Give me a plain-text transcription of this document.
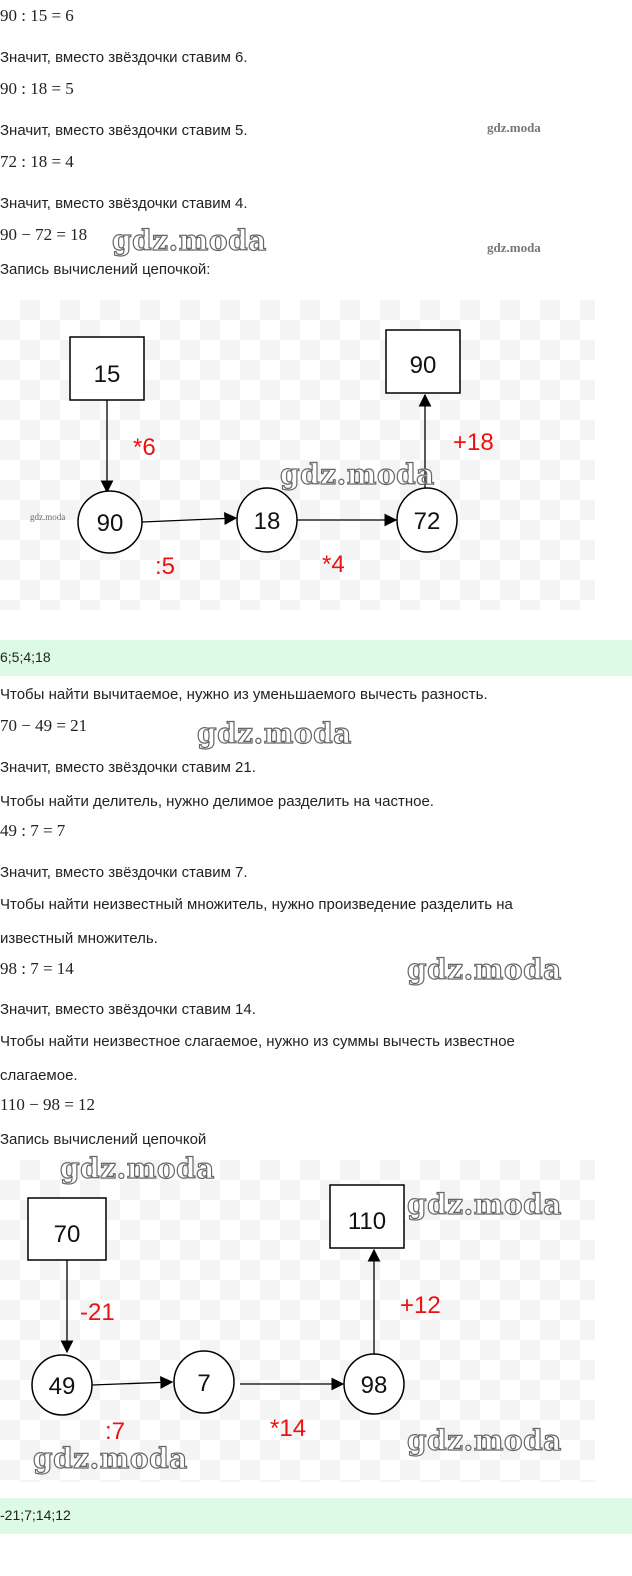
90 : 15 = 6
Значит, вместо звёздочки ставим 6.
90 : 18 = 5
Значит, вместо звёздочки ставим 5.
72 : 18 = 4
Значит, вместо звёздочки ставим 4.
90 − 72 = 18
Запись вычислений цепочкой:
15	90
90	18	72
*6
:5	*4
+18
6;5;4;18
Чтобы найти вычитаемое, нужно из уменьшаемого вычесть разность.
70 − 49 = 21
Значит, вместо звёздочки ставим 21.
Чтобы найти делитель, нужно делимое разделить на частное.
49 : 7 = 7
Значит, вместо звёздочки ставим 7.
Чтобы найти неизвестный множитель, нужно произведение разделить на
известный множитель.
98 : 7 = 14
Значит, вместо звёздочки ставим 14.
Чтобы найти неизвестное слагаемое, нужно из суммы вычесть известное
слагаемое.
110 − 98 = 12
Запись вычислений цепочкой
70	110
49	7	98
-21
:7	*14
+12
-21;7;14;12
gdz.moda
gdz.moda	gdz.moda
gdz.moda
gdz.moda
gdz.moda
gdz.moda
gdz.moda
gdz.moda
gdz.moda
gdz.moda
